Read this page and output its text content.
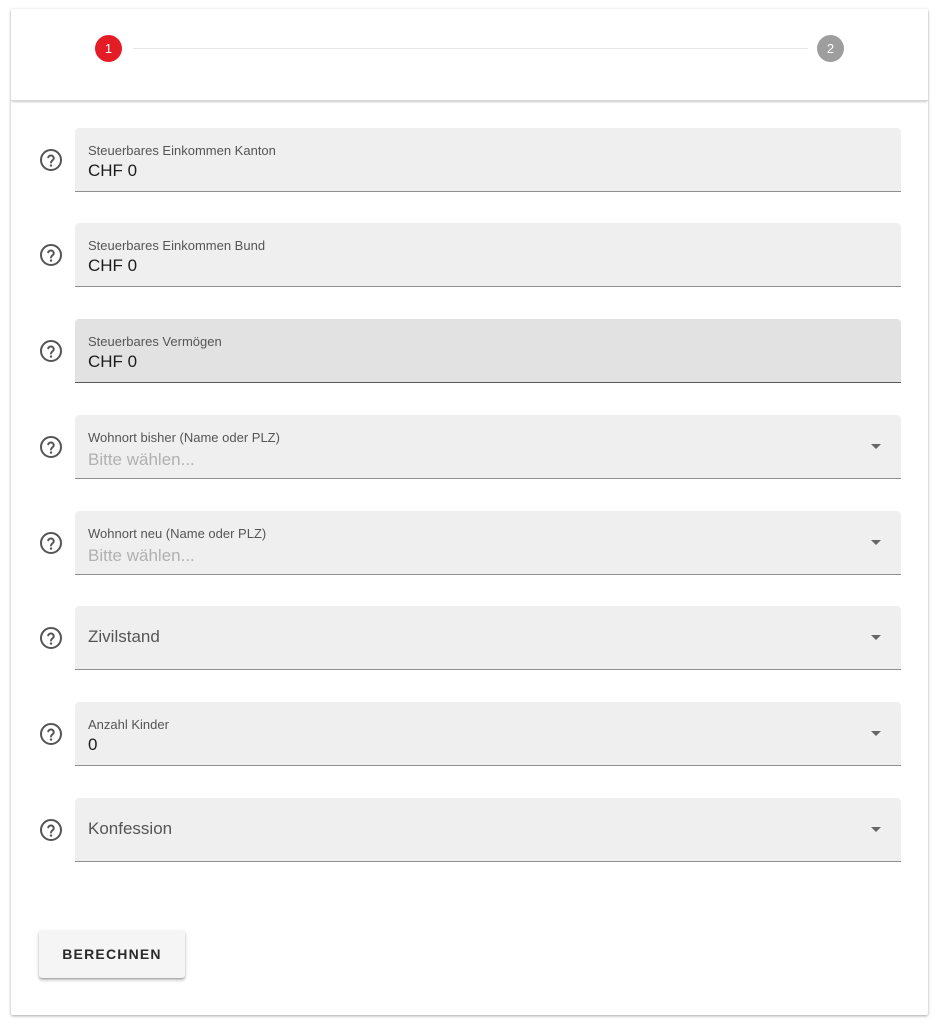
1	2
Steuerbares Einkommen Kanton
CHF 0
Steuerbares Einkommen Bund
CHF 0
Steuerbares Vermögen
CHF 0
Wohnort bisher (Name oder PLZ)
Bitte wählen...
Wohnort neu (Name oder PLZ)
Bitte wählen...
Zivilstand
Anzahl Kinder
0
Konfession
BERECHNEN
